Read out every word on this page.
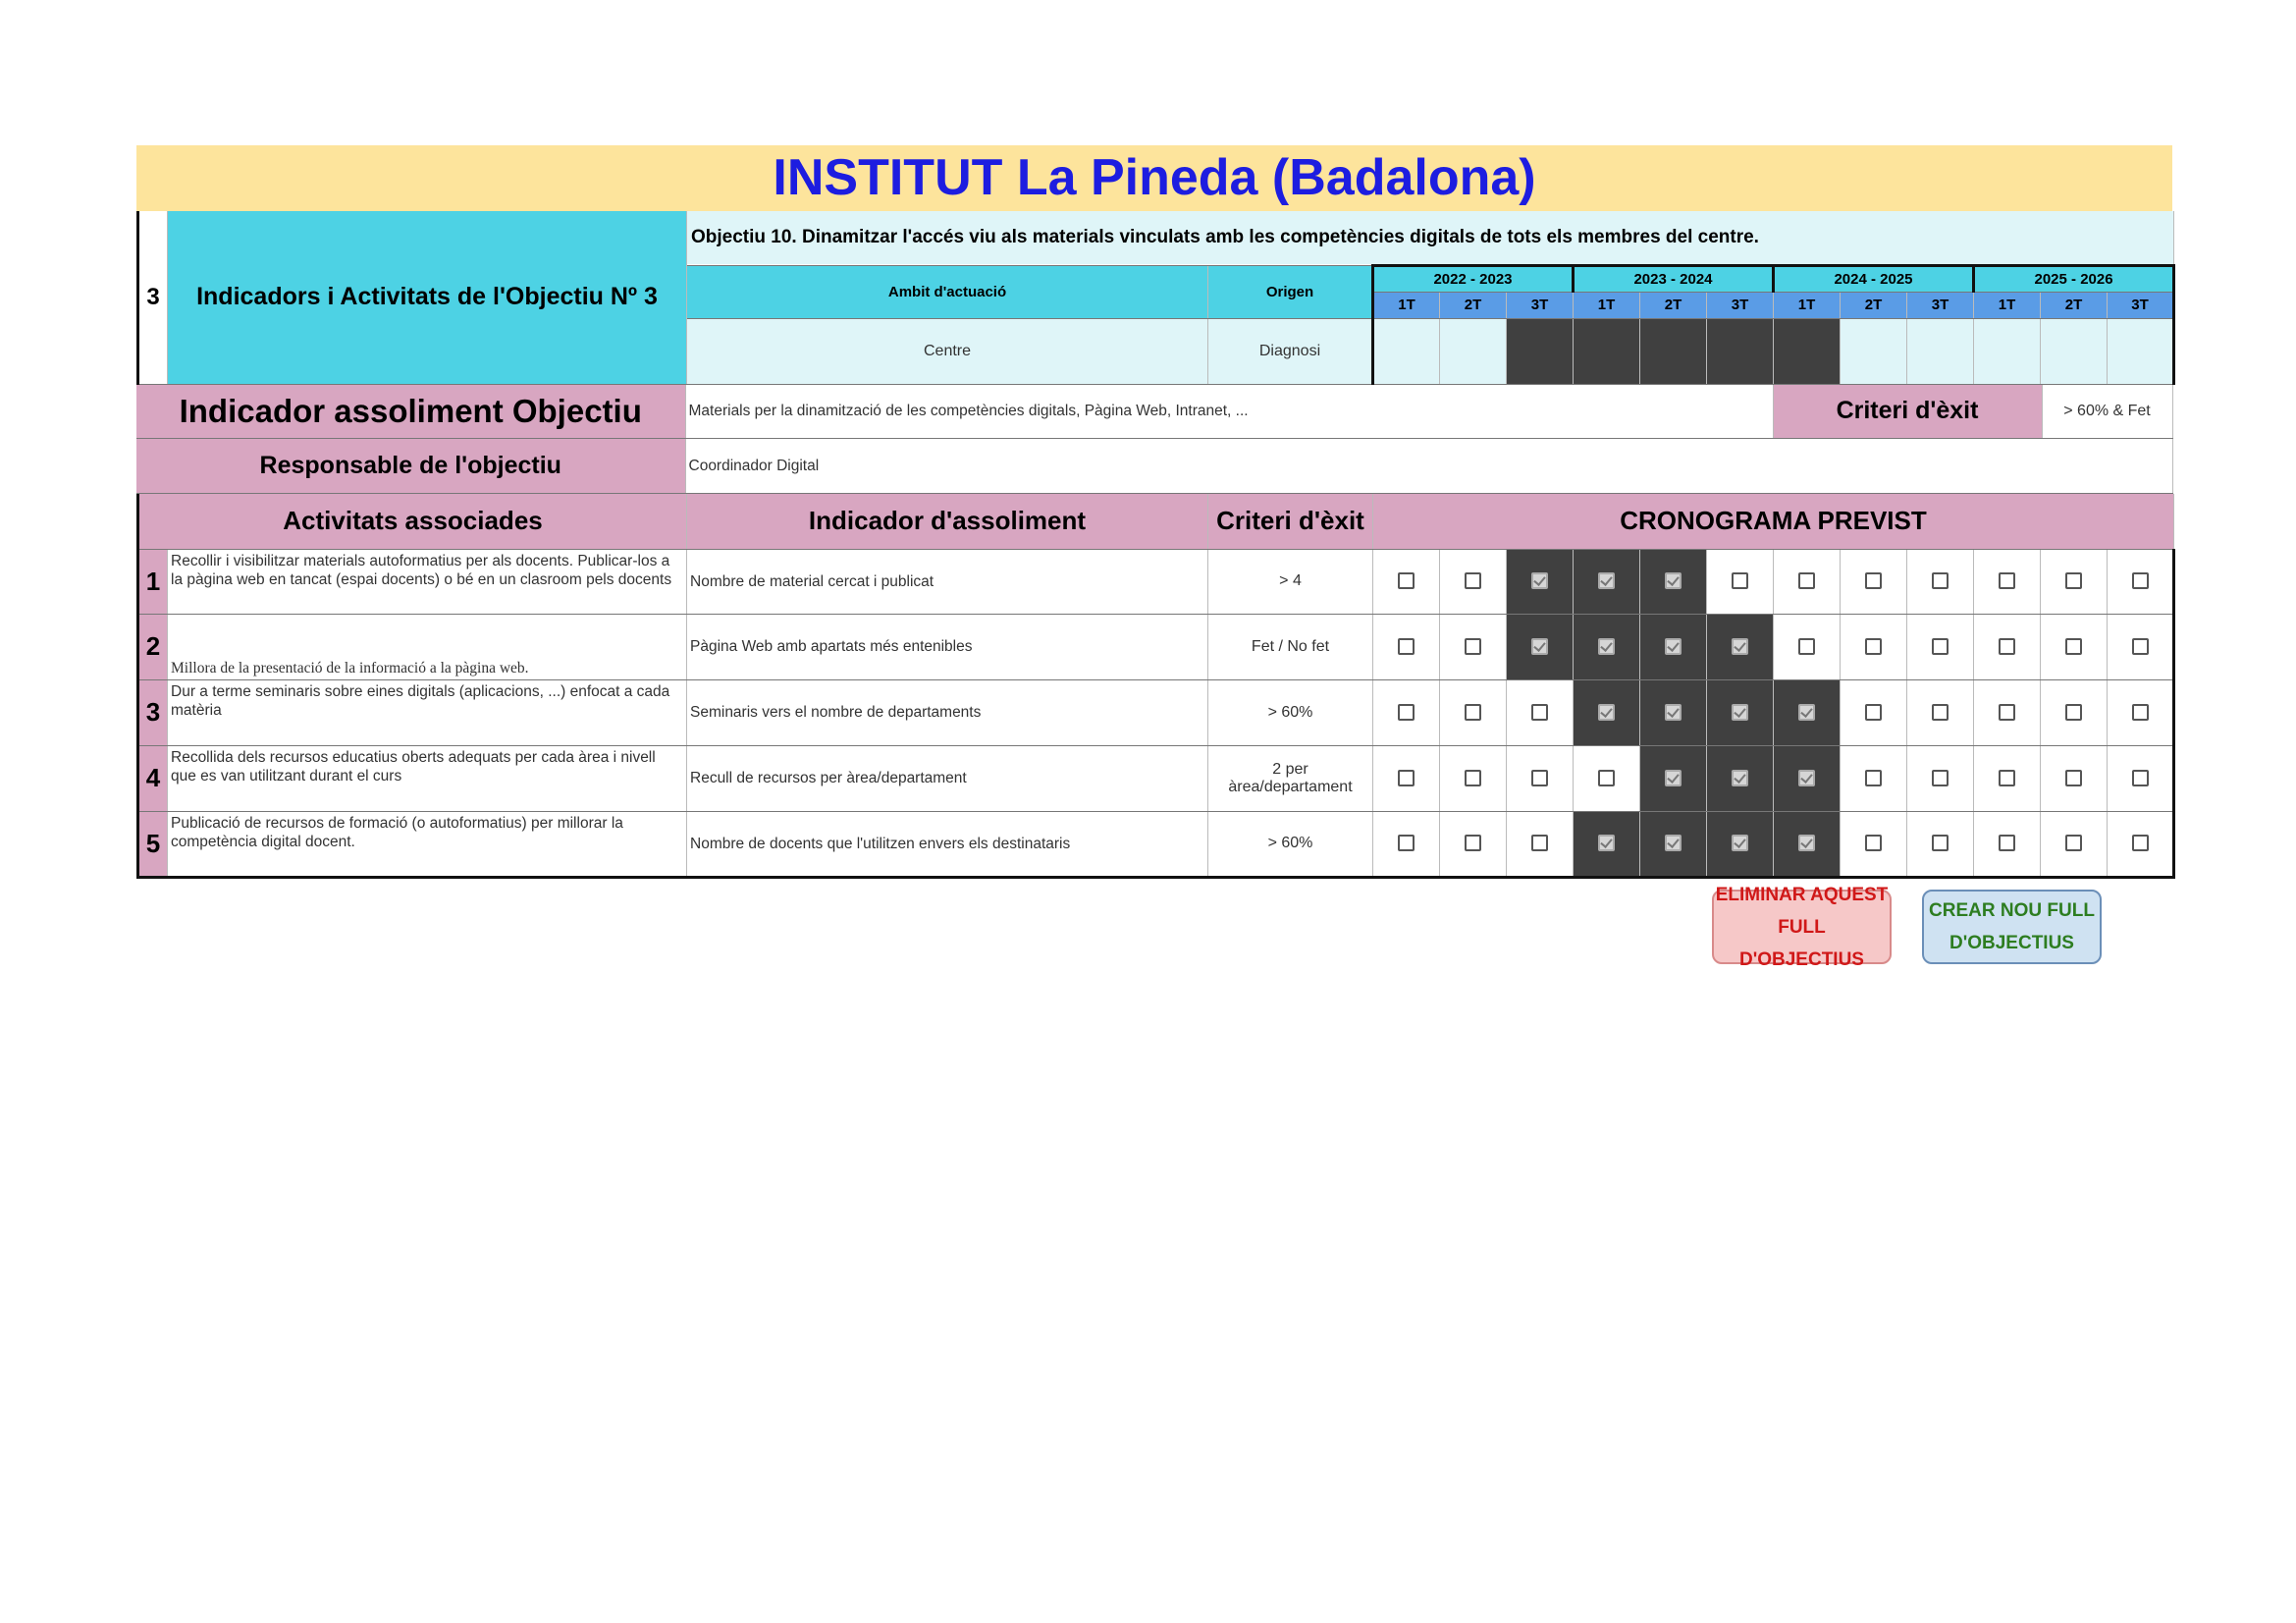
INSTITUT La Pineda (Badalona)
3	Indicadors i Activitats de l'Objectiu Nº 3	Objectiu 10. Dinamitzar l'accés viu als materials vinculats amb les competències digitals de tots els membres del centre.													
		Ambit d'actuació	Origen	2022 - 2023			2023 - 2024			2024 - 2025			2025 - 2026		
				1T	2T	3T	1T	2T	3T	1T	2T	3T	1T	2T	3T
		Centre	Diagnosi												
Indicador assoliment Objectiu	Materials per la dinamització de les competències digitals, Pàgina Web, Intranet, ...	Criteri d'èxit	> 60% & Fet
Responsable de l'objectiu	Coordinador Digital		
Activitats associades		Indicador d'assoliment	Criteri d'èxit	CRONOGRAMA PREVIST											
1	Recollir i visibilitzar materials autoformatius per als docents. Publicar-los a la pàgina web en tancat (espai docents) o bé en un clasroom pels docents	Nombre de material cercat i publicat	> 4												
2	Millora de la presentació de la informació a la pàgina web.	Pàgina Web amb apartats més entenibles	Fet / No fet												
3	Dur a terme seminaris sobre eines digitals (aplicacions, ...) enfocat a cada matèria	Seminaris vers el nombre de departaments	> 60%												
4	Recollida dels recursos educatius oberts adequats per cada àrea i nivell que es van utilitzant durant el curs	Recull de recursos per àrea/departament	2 per àrea/departament												
5	Publicació de recursos de formació (o autoformatius) per millorar la competència digital docent.	Nombre de docents que l'utilitzen envers els destinataris	> 60%												
ELIMINAR AQUEST FULL D'OBJECTIUS
CREAR NOU FULL D'OBJECTIUS
